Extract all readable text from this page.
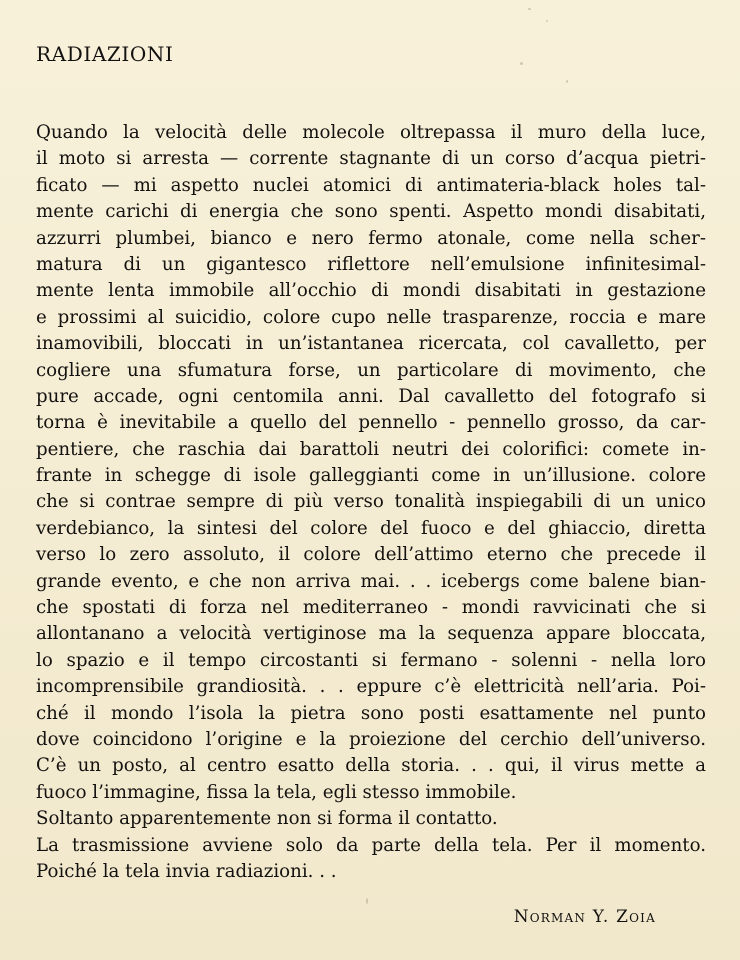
RADIAZIONI
Quando la velocità delle molecole oltrepassa il muro della luce,
il moto si arresta — corrente stagnante di un corso d’acqua pietri-
ficato — mi aspetto nuclei atomici di antimateria-black holes tal-
mente carichi di energia che sono spenti. Aspetto mondi disabitati,
azzurri plumbei, bianco e nero fermo atonale, come nella scher-
matura di un gigantesco riflettore nell’emulsione infinitesimal-
mente lenta immobile all’occhio di mondi disabitati in gestazione
e prossimi al suicidio, colore cupo nelle trasparenze, roccia e mare
inamovibili, bloccati in un’istantanea ricercata, col cavalletto, per
cogliere una sfumatura forse, un particolare di movimento, che
pure accade, ogni centomila anni. Dal cavalletto del fotografo si
torna è inevitabile a quello del pennello - pennello grosso, da car-
pentiere, che raschia dai barattoli neutri dei colorifici: comete in-
frante in schegge di isole galleggianti come in un’illusione. colore
che si contrae sempre di più verso tonalità inspiegabili di un unico
verdebianco, la sintesi del colore del fuoco e del ghiaccio, diretta
verso lo zero assoluto, il colore dell’attimo eterno che precede il
grande evento, e che non arriva mai. . . icebergs come balene bian-
che spostati di forza nel mediterraneo - mondi ravvicinati che si
allontanano a velocità vertiginose ma la sequenza appare bloccata,
lo spazio e il tempo circostanti si fermano - solenni - nella loro
incomprensibile grandiosità. . . eppure c’è elettricità nell’aria. Poi-
ché il mondo l’isola la pietra sono posti esattamente nel punto
dove coincidono l’origine e la proiezione del cerchio dell’universo.
C’è un posto, al centro esatto della storia. . . qui, il virus mette a
fuoco l’immagine, fissa la tela, egli stesso immobile.
Soltanto apparentemente non si forma il contatto.
La trasmissione avviene solo da parte della tela. Per il momento.
Poiché la tela invia radiazioni. . .
Norman Y. Zoia
